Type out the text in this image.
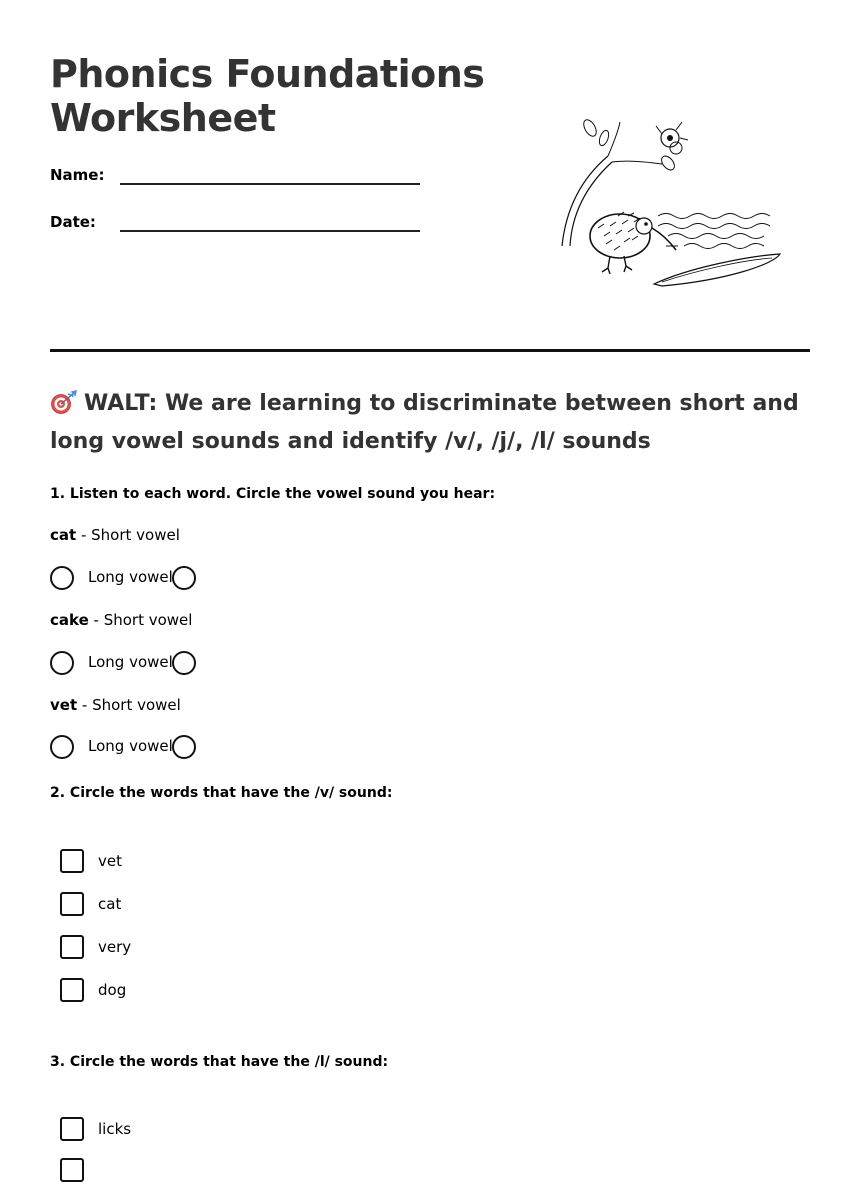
Phonics Foundations
Worksheet
Name:
Date:
WALT: We are learning to discriminate between short and long vowel sounds and identify /v/, /j/, /l/ sounds
1. Listen to each word. Circle the vowel sound you hear:
cat - Short vowel
Long vowel
cake - Short vowel
Long vowel
vet - Short vowel
Long vowel
2. Circle the words that have the /v/ sound:
vet
cat
very
dog
3. Circle the words that have the /l/ sound:
licks
